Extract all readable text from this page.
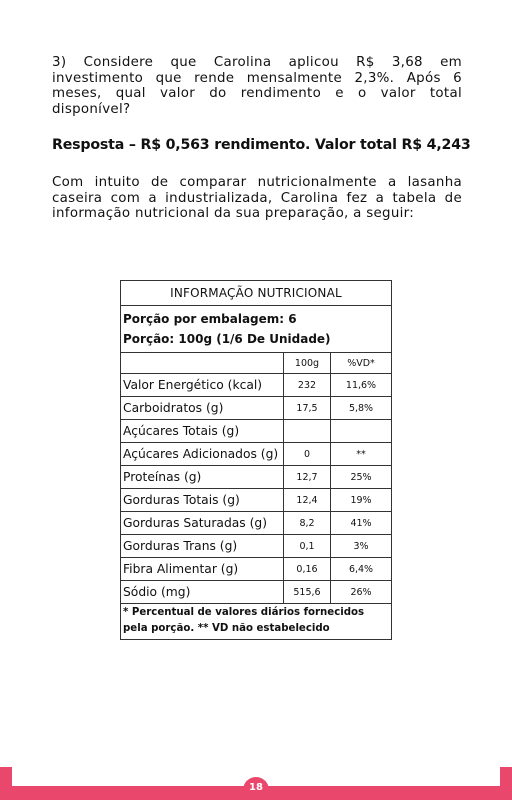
3) Considere que Carolina aplicou R$ 3,68 em investimento que rende mensalmente 2,3%. Após 6 meses, qual valor do rendimento e o valor total disponível?
Resposta – R$ 0,563 rendimento. Valor total R$ 4,243
Com intuito de comparar nutricionalmente a lasanha caseira com a industrializada, Carolina fez a tabela de informação nutricional da sua preparação, a seguir:
INFORMAÇÃO NUTRICIONAL		

Porção por embalagem: 6
Porção: 100g (1/6 De Unidade)		

	100g	%VD*
Valor Energético (kcal)	232	11,6%
Carboidratos (g)	17,5	5,8%
Açúcares Totais (g)		
Açúcares Adicionados (g)	0	**
Proteínas (g)	12,7	25%
Gorduras Totais (g)	12,4	19%
Gorduras Saturadas (g)	8,2	41%
Gorduras Trans (g)	0,1	3%
Fibra Alimentar (g)	0,16	6,4%
Sódio (mg)	515,6	26%
* Percentual de valores diários fornecidos pela porção. ** VD não estabelecido		
18
